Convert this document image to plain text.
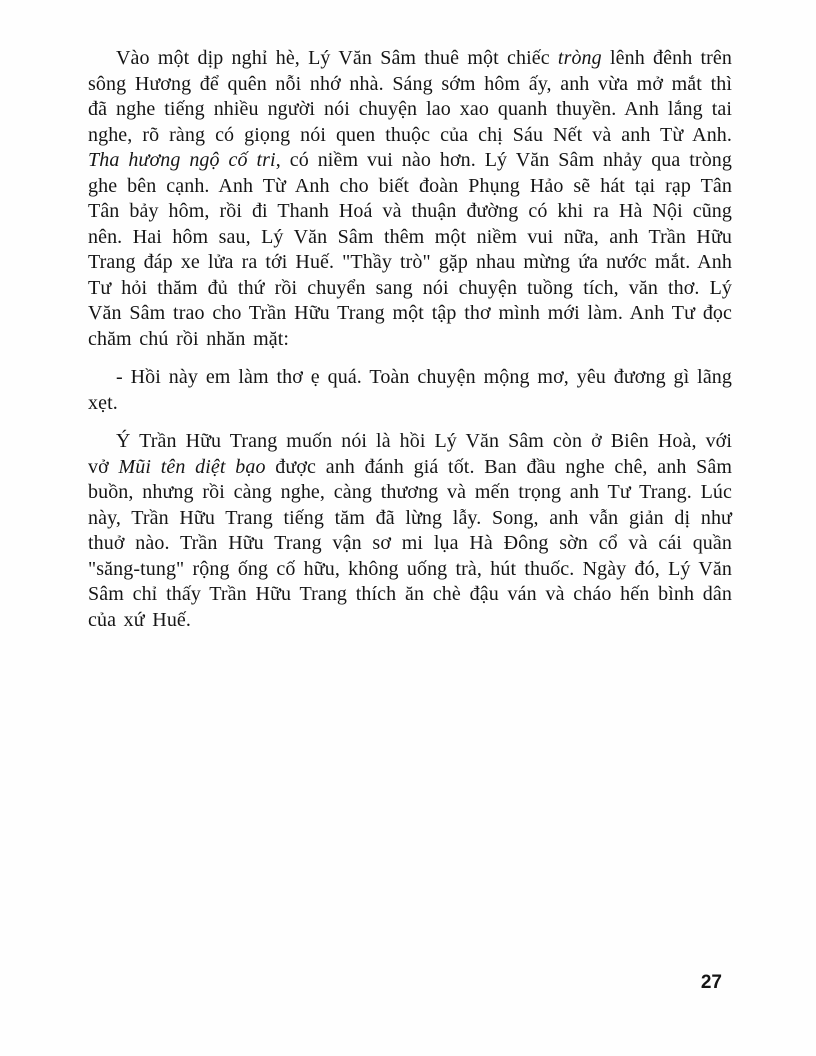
Vào một dịp nghỉ hè, Lý Văn Sâm thuê một chiếc tròng lênh đênh trên sông Hương để quên nỗi nhớ nhà. Sáng sớm hôm ấy, anh vừa mở mắt thì đã nghe tiếng nhiều người nói chuyện lao xao quanh thuyền. Anh lắng tai nghe, rõ ràng có giọng nói quen thuộc của chị Sáu Nết và anh Từ Anh. Tha hương ngộ cố tri, có niềm vui nào hơn. Lý Văn Sâm nhảy qua tròng ghe bên cạnh. Anh Từ Anh cho biết đoàn Phụng Hảo sẽ hát tại rạp Tân Tân bảy hôm, rồi đi Thanh Hoá và thuận đường có khi ra Hà Nội cũng nên. Hai hôm sau, Lý Văn Sâm thêm một niềm vui nữa, anh Trần Hữu Trang đáp xe lửa ra tới Huế. "Thầy trò" gặp nhau mừng ứa nước mắt. Anh Tư hỏi thăm đủ thứ rồi chuyển sang nói chuyện tuồng tích, văn thơ. Lý Văn Sâm trao cho Trần Hữu Trang một tập thơ mình mới làm. Anh Tư đọc chăm chú rồi nhăn mặt:

- Hồi này em làm thơ ẹ quá. Toàn chuyện mộng mơ, yêu đương gì lãng xẹt.

Ý Trần Hữu Trang muốn nói là hồi Lý Văn Sâm còn ở Biên Hoà, với vở Mũi tên diệt bạo được anh đánh giá tốt. Ban đầu nghe chê, anh Sâm buồn, nhưng rồi càng nghe, càng thương và mến trọng anh Tư Trang. Lúc này, Trần Hữu Trang tiếng tăm đã lừng lẫy. Song, anh vẫn giản dị như thuở nào. Trần Hữu Trang vận sơ mi lụa Hà Đông sờn cổ và cái quần "săng-tung" rộng ống cố hữu, không uống trà, hút thuốc. Ngày đó, Lý Văn Sâm chỉ thấy Trần Hữu Trang thích ăn chè đậu ván và cháo hến bình dân của xứ Huế.

27
